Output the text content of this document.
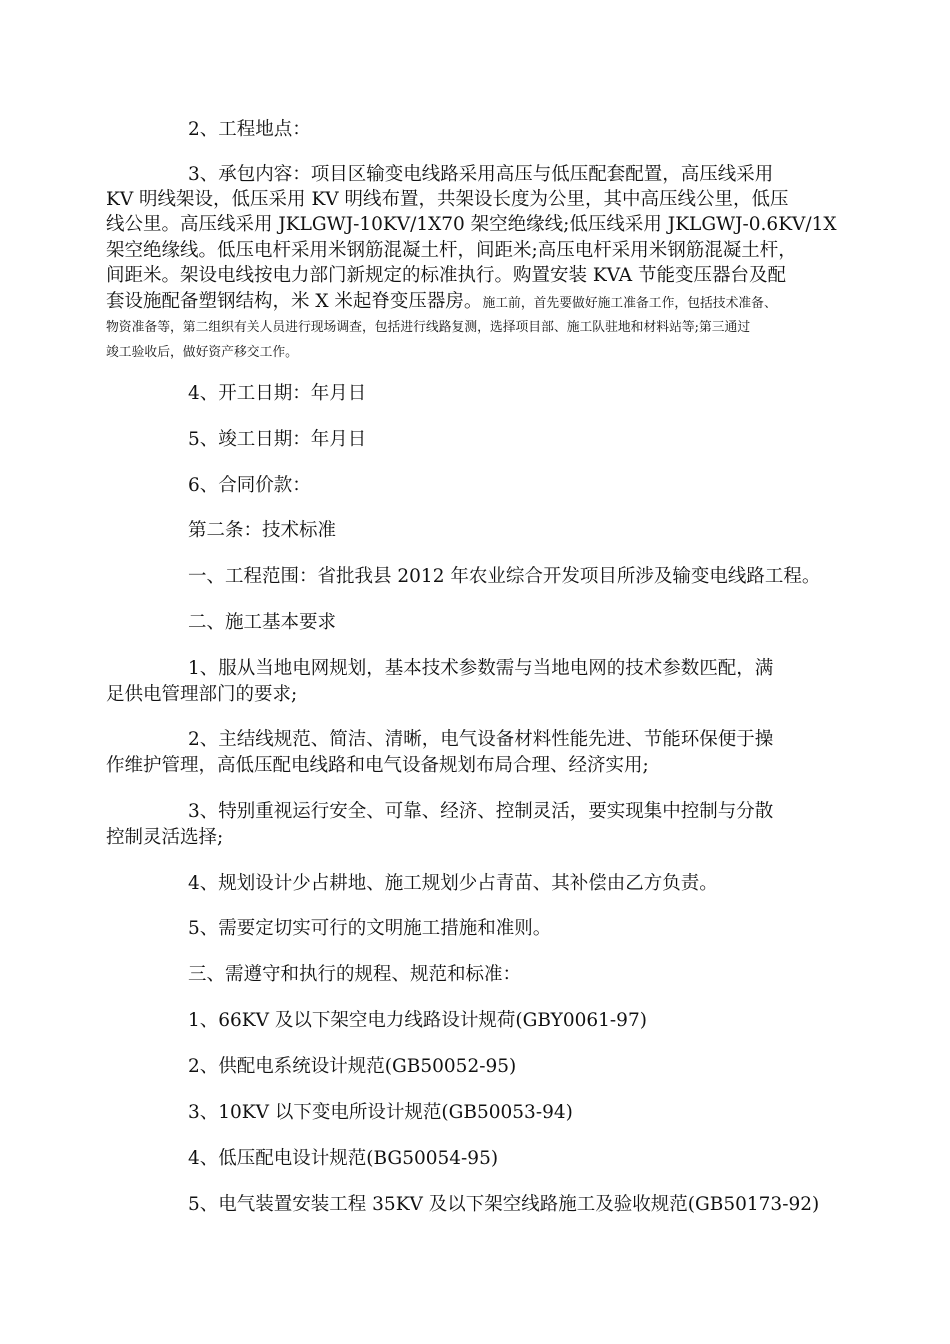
2、工程地点：
3、承包内容：项目区输变电线路采用高压与低压配套配置，高压线采用
KV 明线架设，低压采用 KV 明线布置，共架设长度为公里，其中高压线公里，低压
线公里。高压线采用 JKLGWJ-10KV/1X70 架空绝缘线;低压线采用 JKLGWJ-0.6KV/1X
架空绝缘线。低压电杆采用米钢筋混凝土杆，间距米;高压电杆采用米钢筋混凝土杆，
间距米。架设电线按电力部门新规定的标准执行。购置安装 KVA 节能变压器台及配
套设施配备塑钢结构，米 X 米起脊变压器房。施工前，首先要做好施工准备工作，包括技术准备、
物资准备等，第二组织有关人员进行现场调查，包括进行线路复测，选择项目部、施工队驻地和材料站等;第三通过
竣工验收后，做好资产移交工作。
4、开工日期：年月日
5、竣工日期：年月日
6、合同价款：
第二条：技术标准
一、工程范围：省批我县 2012 年农业综合开发项目所涉及输变电线路工程。
二、施工基本要求
1、服从当地电网规划，基本技术参数需与当地电网的技术参数匹配，满
足供电管理部门的要求;
2、主结线规范、简洁、清晰，电气设备材料性能先进、节能环保便于操
作维护管理，高低压配电线路和电气设备规划布局合理、经济实用;
3、特别重视运行安全、可靠、经济、控制灵活，要实现集中控制与分散
控制灵活选择;
4、规划设计少占耕地、施工规划少占青苗、其补偿由乙方负责。
5、需要定切实可行的文明施工措施和准则。
三、需遵守和执行的规程、规范和标准：
1、66KV 及以下架空电力线路设计规荷(GBY0061-97)
2、供配电系统设计规范(GB50052-95)
3、10KV 以下变电所设计规范(GB50053-94)
4、低压配电设计规范(BG50054-95)
5、电气装置安装工程 35KV 及以下架空线路施工及验收规范(GB50173-92)
